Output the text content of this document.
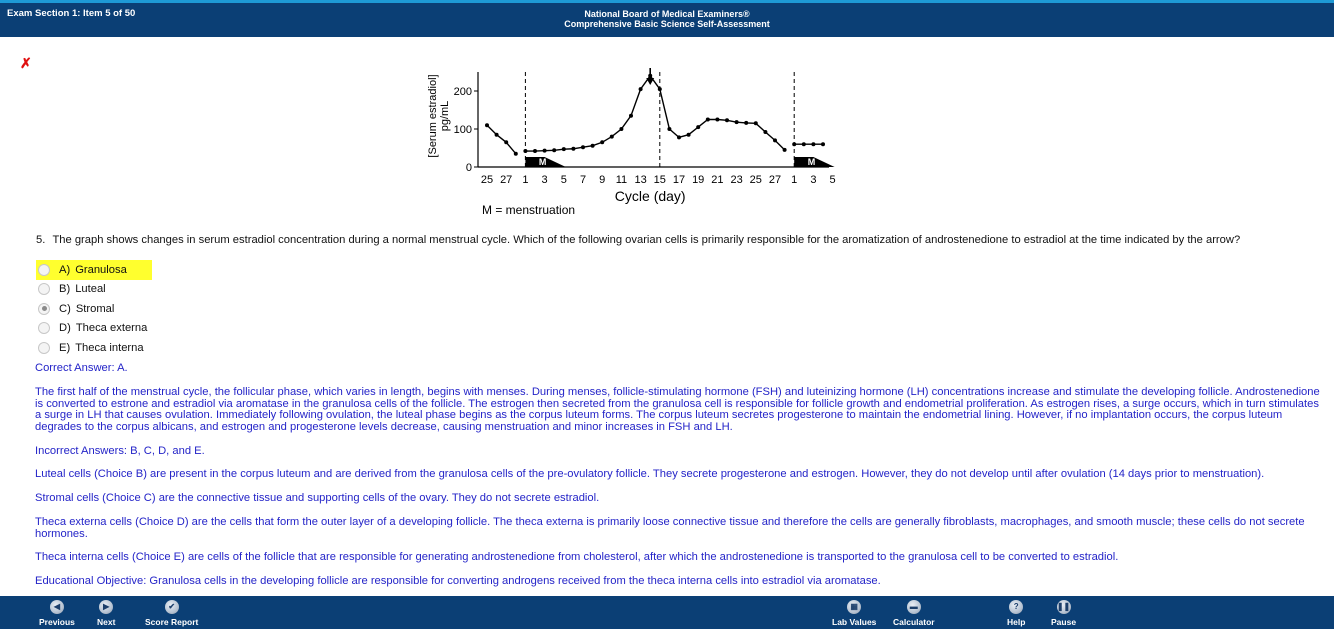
Exam Section 1: Item 5 of 50	National Board of Medical Examiners®
Comprehensive Basic Science Self-Assessment
✗
0
100
200
[Serum estradiol] pg/mL
25 27 1 3 5 7 9 11 13 15 17 19 21 23 25 27 1 3 5
Cycle (day)
M	M
M = menstruation
5. The graph shows changes in serum estradiol concentration during a normal menstrual cycle. Which of the following ovarian cells is primarily responsible for the aromatization of androstenedione to estradiol at the time indicated by the arrow?
A) Granulosa
B) Luteal
C) Stromal
D) Theca externa
E) Theca interna
Correct Answer: A.
The first half of the menstrual cycle, the follicular phase, which varies in length, begins with menses. During menses, follicle-stimulating hormone (FSH) and luteinizing hormone (LH) concentrations increase and stimulate the developing follicle. Androstenedione is converted to estrone and estradiol via aromatase in the granulosa cells of the follicle. The estrogen then secreted from the granulosa cell is responsible for follicle growth and endometrial proliferation. As estrogen rises, a surge occurs, which in turn stimulates a surge in LH that causes ovulation. Immediately following ovulation, the luteal phase begins as the corpus luteum forms. The corpus luteum secretes progesterone to maintain the endometrial lining. However, if no implantation occurs, the corpus luteum degrades to the corpus albicans, and estrogen and progesterone levels decrease, causing menstruation and minor increases in FSH and LH.
Incorrect Answers: B, C, D, and E.
Luteal cells (Choice B) are present in the corpus luteum and are derived from the granulosa cells of the pre-ovulatory follicle. They secrete progesterone and estrogen. However, they do not develop until after ovulation (14 days prior to menstruation).
Stromal cells (Choice C) are the connective tissue and supporting cells of the ovary. They do not secrete estradiol.
Theca externa cells (Choice D) are the cells that form the outer layer of a developing follicle. The theca externa is primarily loose connective tissue and therefore the cells are generally fibroblasts, macrophages, and smooth muscle; these cells do not secrete hormones.
Theca interna cells (Choice E) are cells of the follicle that are responsible for generating androstenedione from cholesterol, after which the androstenedione is transported to the granulosa cell to be converted to estradiol.
Educational Objective: Granulosa cells in the developing follicle are responsible for converting androgens received from the theca interna cells into estradiol via aromatase.
◀
Previous
▶
Next
✔
Score Report
▦
Lab Values
▬
Calculator
?
Help
❚❚
Pause
